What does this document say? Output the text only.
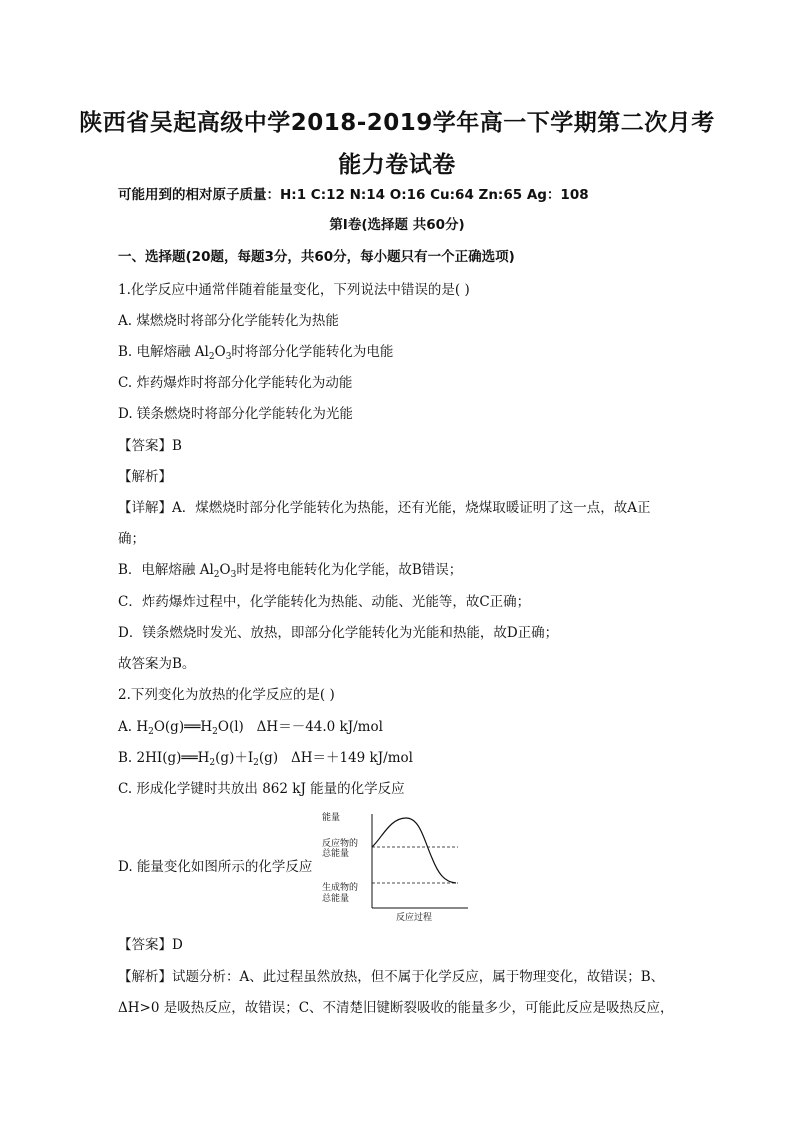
陕西省吴起高级中学2018-2019学年高一下学期第二次月考
能力卷试卷
可能用到的相对原子质量：H:1 C:12 N:14 O:16 Cu:64 Zn:65 Ag：108
第Ⅰ卷(选择题 共60分)
一、选择题(20题，每题3分，共60分，每小题只有一个正确选项)
1.化学反应中通常伴随着能量变化，下列说法中错误的是( )
A. 煤燃烧时将部分化学能转化为热能
B. 电解熔融 $Al_2O_3$时将部分化学能转化为电能
C. 炸药爆炸时将部分化学能转化为动能
D. 镁条燃烧时将部分化学能转化为光能
【答案】B
【解析】
【详解】A．煤燃烧时部分化学能转化为热能，还有光能，烧煤取暖证明了这一点，故A正
确；
B．电解熔融 $Al_2O_3$时是将电能转化为化学能，故B错误；
C．炸药爆炸过程中，化学能转化为热能、动能、光能等，故C正确；
D．镁条燃烧时发光、放热，即部分化学能转化为光能和热能，故D正确；
故答案为B。
2.下列变化为放热的化学反应的是( )
A. $H_2O(g)══H_2O(l)$ ΔH＝－44.0 kJ/mol
B. $2HI(g)══H_2(g)+I_2(g)$ ΔH＝＋149 kJ/mol
C. 形成化学键时共放出 862 kJ 能量的化学反应
D. 能量变化如图所示的化学反应
能量
反应物的
总能量
生成物的
总能量
反应过程
【答案】D
【解析】试题分析：A、此过程虽然放热，但不属于化学反应，属于物理变化，故错误；B、
ΔH>0 是吸热反应，故错误；C、不清楚旧键断裂吸收的能量多少，可能此反应是吸热反应，
